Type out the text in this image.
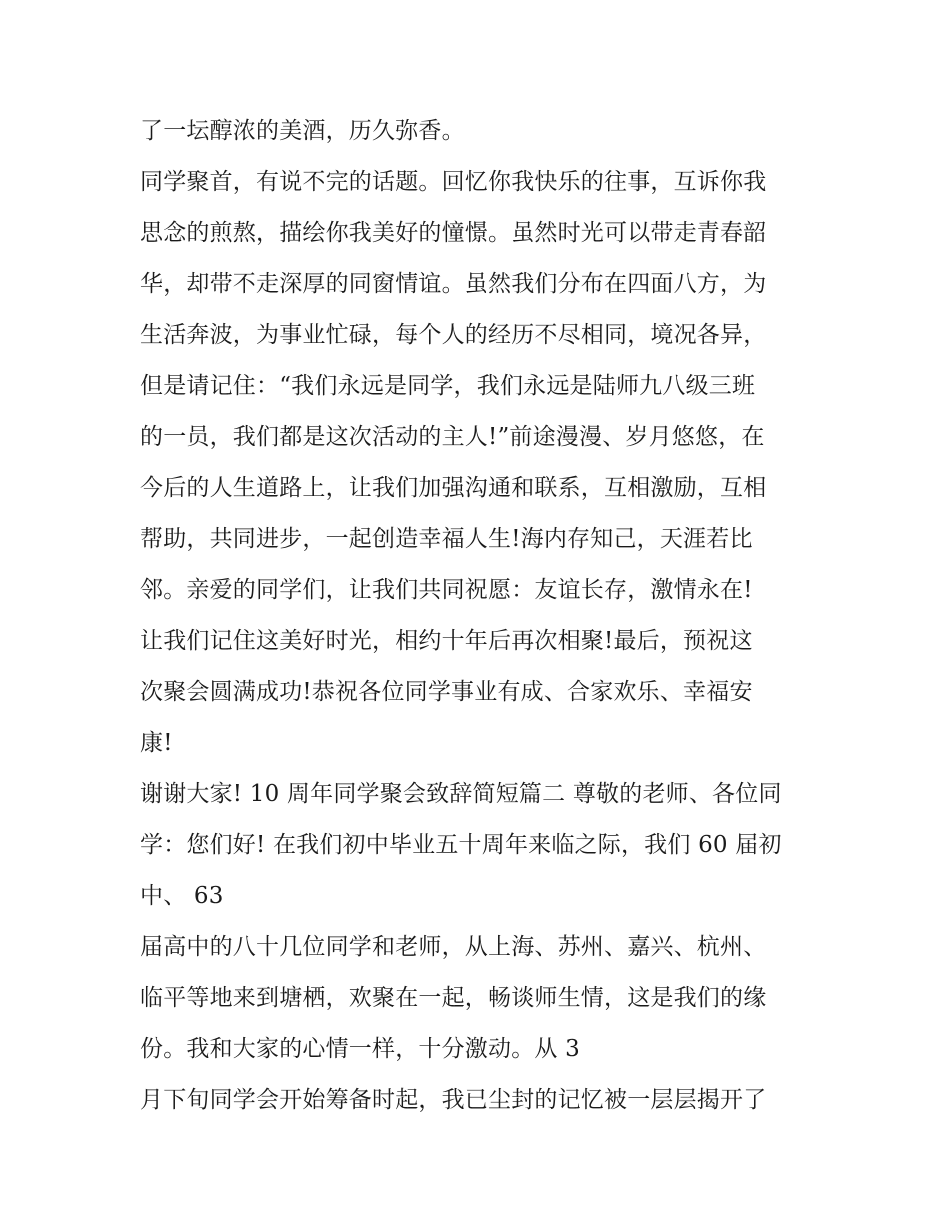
了一坛醇浓的美酒，历久弥香。
同学聚首，有说不完的话题。回忆你我快乐的往事，互诉你我
思念的煎熬，描绘你我美好的憧憬。虽然时光可以带走青春韶
华，却带不走深厚的同窗情谊。虽然我们分布在四面八方，为
生活奔波，为事业忙碌，每个人的经历不尽相同，境况各异，
但是请记住：“我们永远是同学，我们永远是陆师九八级三班
的一员，我们都是这次活动的主人!”前途漫漫、岁月悠悠，在
今后的人生道路上，让我们加强沟通和联系，互相激励，互相
帮助，共同进步，一起创造幸福人生!海内存知己，天涯若比
邻。亲爱的同学们，让我们共同祝愿：友谊长存，激情永在!
让我们记住这美好时光，相约十年后再次相聚!最后，预祝这
次聚会圆满成功!恭祝各位同学事业有成、合家欢乐、幸福安
康!
谢谢大家! 10 周年同学聚会致辞简短篇二 尊敬的老师、各位同
学：您们好! 在我们初中毕业五十周年来临之际，我们 60 届初
中、 63
届高中的八十几位同学和老师，从上海、苏州、嘉兴、杭州、
临平等地来到塘栖，欢聚在一起，畅谈师生情，这是我们的缘
份。我和大家的心情一样，十分激动。从 3
月下旬同学会开始筹备时起，我已尘封的记忆被一层层揭开了
